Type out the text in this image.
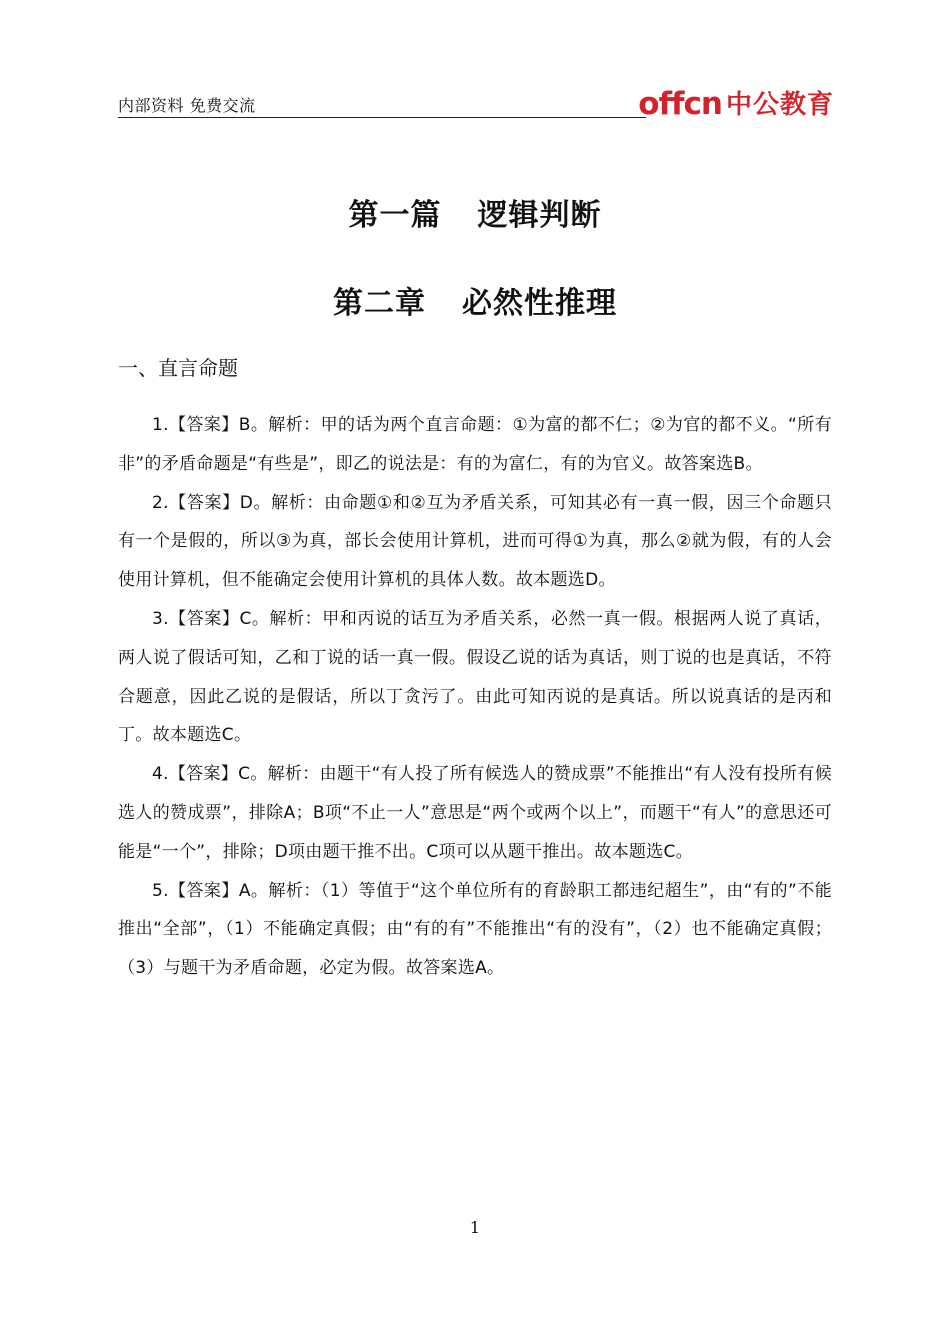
内部资料 免费交流	offcn 中公教育
第一篇 逻辑判断
第二章 必然性推理
一、直言命题

1.【答案】B。解析：甲的话为两个直言命题：①为富的都不仁；②为官的都不义。“所有非”的矛盾命题是“有些是”，即乙的说法是：有的为富仁，有的为官义。故答案选B。

2.【答案】D。解析：由命题①和②互为矛盾关系，可知其必有一真一假，因三个命题只有一个是假的，所以③为真，部长会使用计算机，进而可得①为真，那么②就为假，有的人会使用计算机，但不能确定会使用计算机的具体人数。故本题选D。

3.【答案】C。解析：甲和丙说的话互为矛盾关系，必然一真一假。根据两人说了真话，两人说了假话可知，乙和丁说的话一真一假。假设乙说的话为真话，则丁说的也是真话，不符合题意，因此乙说的是假话，所以丁贪污了。由此可知丙说的是真话。所以说真话的是丙和丁。故本题选C。

4.【答案】C。解析：由题干“有人投了所有候选人的赞成票”不能推出“有人没有投所有候选人的赞成票”，排除A；B项“不止一人”意思是“两个或两个以上”，而题干“有人”的意思还可能是“一个”，排除；D项由题干推不出。C项可以从题干推出。故本题选C。

5.【答案】A。解析：（1）等值于“这个单位所有的育龄职工都违纪超生”，由“有的”不能推出“全部”，（1）不能确定真假；由“有的有”不能推出“有的没有”，（2）也不能确定真假；（3）与题干为矛盾命题，必定为假。故答案选A。

1
